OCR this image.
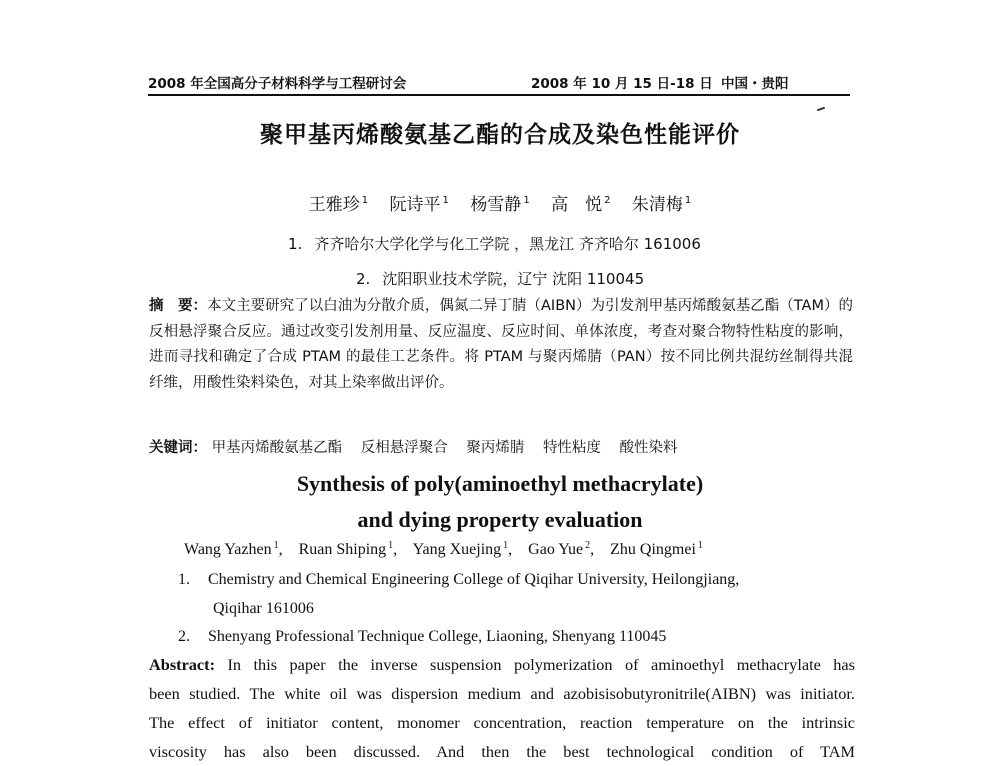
2008 年全国高分子材料科学与工程研讨会	2008 年 10 月 15 日-18 日 中国・贵阳
聚甲基丙烯酸氨基乙酯的合成及染色性能评价
王雅珍 $^1$ 阮诗平 $^1$ 杨雪静 $^1$ 高　悦 $^2$ 朱清梅 $^1$
1. 齐齐哈尔大学化学与化工学院 ，黑龙江 齐齐哈尔 161006
2. 沈阳职业技术学院，辽宁 沈阳 110045
摘　要：本文主要研究了以白油为分散介质，偶氮二异丁腈（AIBN）为引发剂甲基丙烯酸氨基乙酯（TAM）的反相悬浮聚合反应。通过改变引发剂用量、反应温度、反应时间、单体浓度，考查对聚合物特性粘度的影响，进而寻找和确定了合成 PTAM 的最佳工艺条件。将 PTAM 与聚丙烯腈（PAN）按不同比例共混纺丝制得共混纤维，用酸性染料染色，对其上染率做出评价。
关键词： 甲基丙烯酸氨基乙酯 反相悬浮聚合 聚丙烯腈 特性粘度 酸性染料
Synthesis of poly(aminoethyl methacrylate)
and dying property evaluation
Wang Yazhen $^1$, Ruan Shiping $^1$, Yang Xuejing $^1$, Gao Yue $^2$, Zhu Qingmei $^1$
1. Chemistry and Chemical Engineering College of Qiqihar University, Heilongjiang,
Qiqihar 161006
2. Shenyang Professional Technique College, Liaoning, Shenyang 110045
Abstract: In this paper the inverse suspension polymerization of aminoethyl methacrylate has
been studied. The white oil was dispersion medium and azobisisobutyronitrile(AIBN) was initiator.
The effect of initiator content, monomer concentration, reaction temperature on the intrinsic
viscosity has also been discussed. And then the best technological condition of TAM
